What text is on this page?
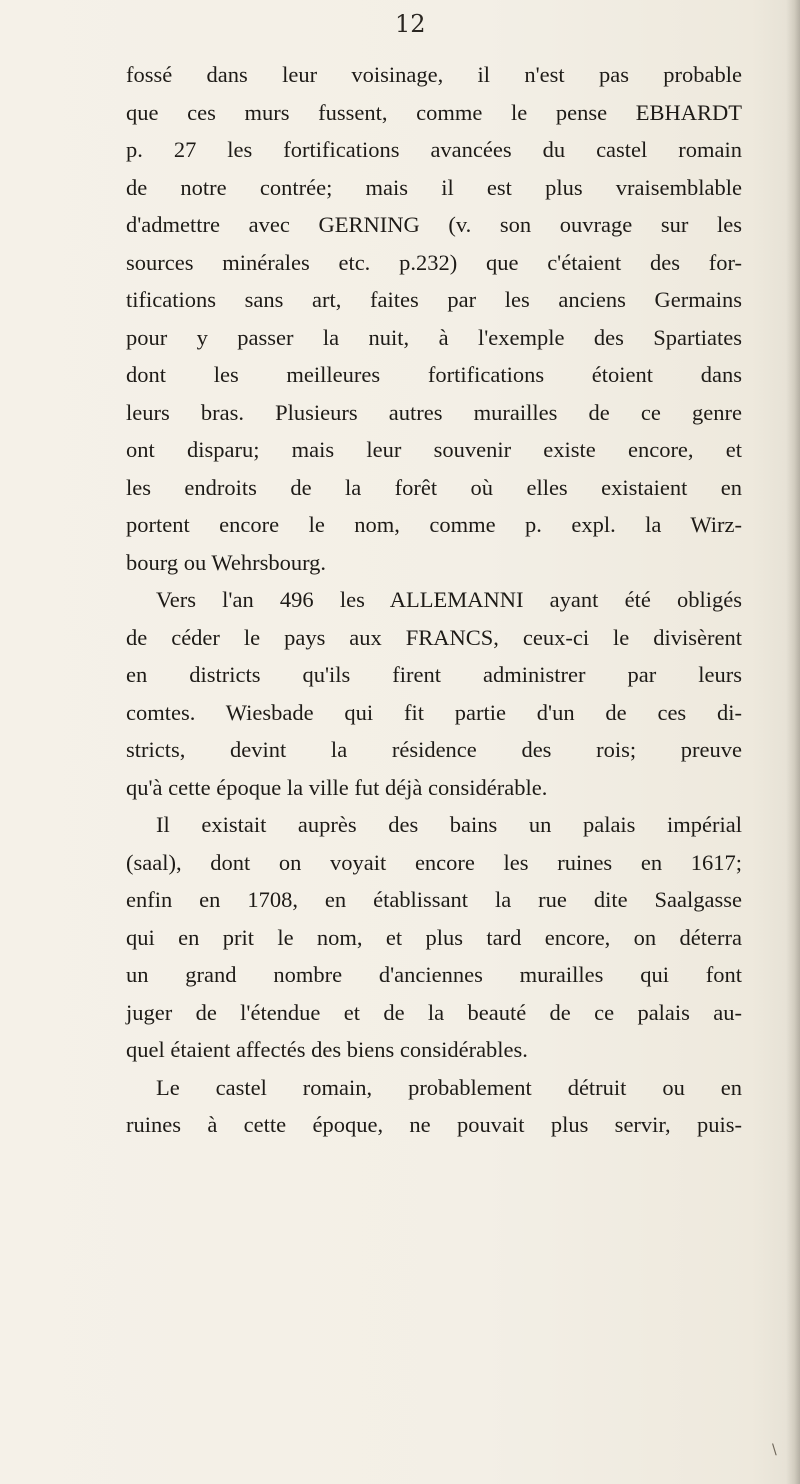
12
fossé dans leur voisinage, il n'est pas probable
que ces murs fussent, comme le pense EBHARDT
p. 27 les fortifications avancées du castel romain
de notre contrée; mais il est plus vraisemblable
d'admettre avec GERNING (v. son ouvrage sur les
sources minérales etc. p.232) que c'étaient des for-
tifications sans art, faites par les anciens Germains
pour y passer la nuit, à l'exemple des Spartiates
dont les meilleures fortifications étoient dans
leurs bras. Plusieurs autres murailles de ce genre
ont disparu; mais leur souvenir existe encore, et
les endroits de la forêt où elles existaient en
portent encore le nom, comme p. expl. la Wirz-
bourg ou Wehrsbourg.
Vers l'an 496 les ALLEMANNI ayant été obligés
de céder le pays aux FRANCS, ceux-ci le divisèrent
en districts qu'ils firent administrer par leurs
comtes. Wiesbade qui fit partie d'un de ces di-
stricts, devint la résidence des rois; preuve
qu'à cette époque la ville fut déjà considérable.
Il existait auprès des bains un palais impérial
(saal), dont on voyait encore les ruines en 1617;
enfin en 1708, en établissant la rue dite Saalgasse
qui en prit le nom, et plus tard encore, on déterra
un grand nombre d'anciennes murailles qui font
juger de l'étendue et de la beauté de ce palais au-
quel étaient affectés des biens considérables.
Le castel romain, probablement détruit ou en
ruines à cette époque, ne pouvait plus servir, puis-
\
